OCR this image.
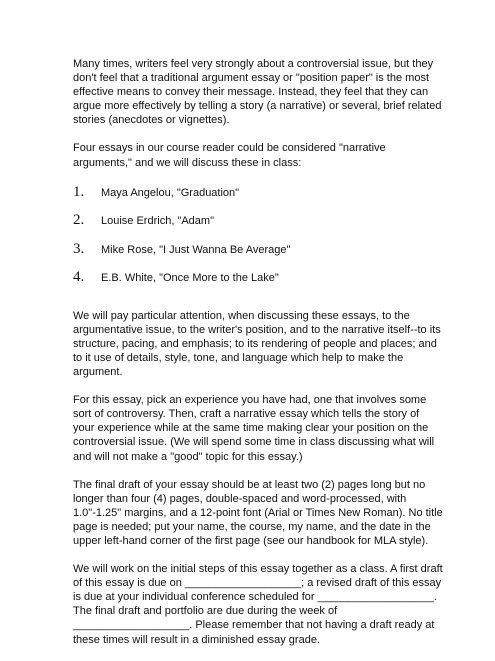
Many times, writers feel very strongly about a controversial issue, but they don't feel that a traditional argument essay or "position paper" is the most effective means to convey their message. Instead, they feel that they can argue more effectively by telling a story (a narrative) or several, brief related stories (anecdotes or vignettes).

Four essays in our course reader could be considered "narrative arguments," and we will discuss these in class:

1.	Maya Angelou, "Graduation"
2.	Louise Erdrich, "Adam"
3.	Mike Rose, "I Just Wanna Be Average"
4.	E.B. White, "Once More to the Lake"

We will pay particular attention, when discussing these essays, to the argumentative issue, to the writer's position, and to the narrative itself--to its structure, pacing, and emphasis; to its rendering of people and places; and to it use of details, style, tone, and language which help to make the argument.

For this essay, pick an experience you have had, one that involves some sort of controversy. Then, craft a narrative essay which tells the story of your experience while at the same time making clear your position on the controversial issue. (We will spend some time in class discussing what will and will not make a "good" topic for this essay.)

The final draft of your essay should be at least two (2) pages long but no longer than four (4) pages, double-spaced and word-processed, with 1.0"-1.25" margins, and a 12-point font (Arial or Times New Roman). No title page is needed; put your name, the course, my name, and the date in the upper left-hand corner of the first page (see our handbook for MLA style).

We will work on the initial steps of this essay together as a class. A first draft of this essay is due on ___________________; a revised draft of this essay is due at your individual conference scheduled for ___________________. The final draft and portfolio are due during the week of ___________________. Please remember that not having a draft ready at these times will result in a diminished essay grade.
